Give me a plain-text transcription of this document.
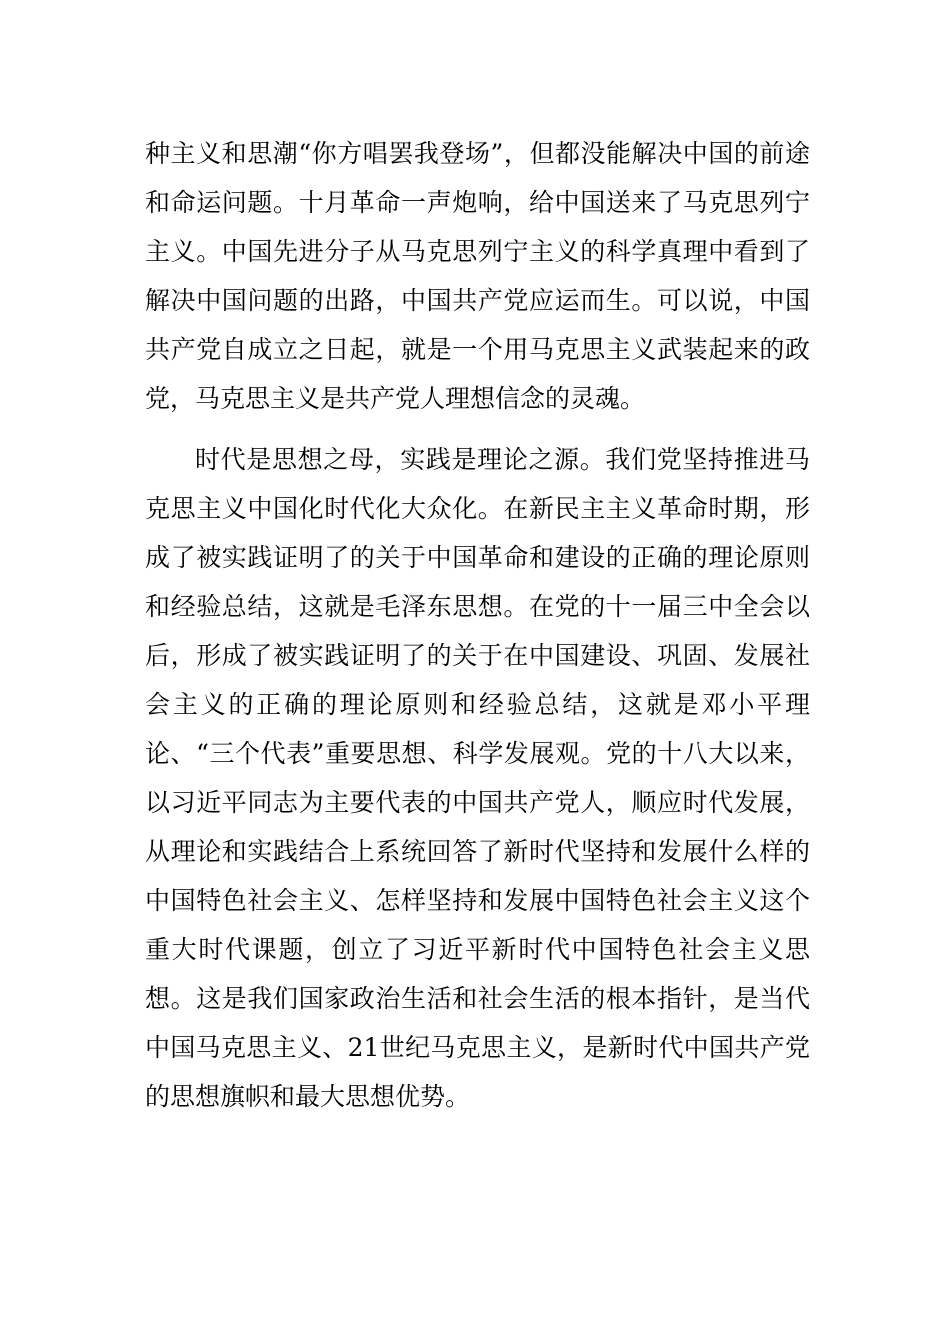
种主义和思潮“你方唱罢我登场”，但都没能解决中国的前途和命运问题。十月革命一声炮响，给中国送来了马克思列宁主义。中国先进分子从马克思列宁主义的科学真理中看到了解决中国问题的出路，中国共产党应运而生。可以说，中国共产党自成立之日起，就是一个用马克思主义武装起来的政党，马克思主义是共产党人理想信念的灵魂。

时代是思想之母，实践是理论之源。我们党坚持推进马克思主义中国化时代化大众化。在新民主主义革命时期，形成了被实践证明了的关于中国革命和建设的正确的理论原则和经验总结，这就是毛泽东思想。在党的十一届三中全会以后，形成了被实践证明了的关于在中国建设、巩固、发展社会主义的正确的理论原则和经验总结，这就是邓小平理论、“三个代表”重要思想、科学发展观。党的十八大以来，以习近平同志为主要代表的中国共产党人，顺应时代发展，从理论和实践结合上系统回答了新时代坚持和发展什么样的中国特色社会主义、怎样坚持和发展中国特色社会主义这个重大时代课题，创立了习近平新时代中国特色社会主义思想。这是我们国家政治生活和社会生活的根本指针，是当代中国马克思主义、21世纪马克思主义，是新时代中国共产党的思想旗帜和最大思想优势。
